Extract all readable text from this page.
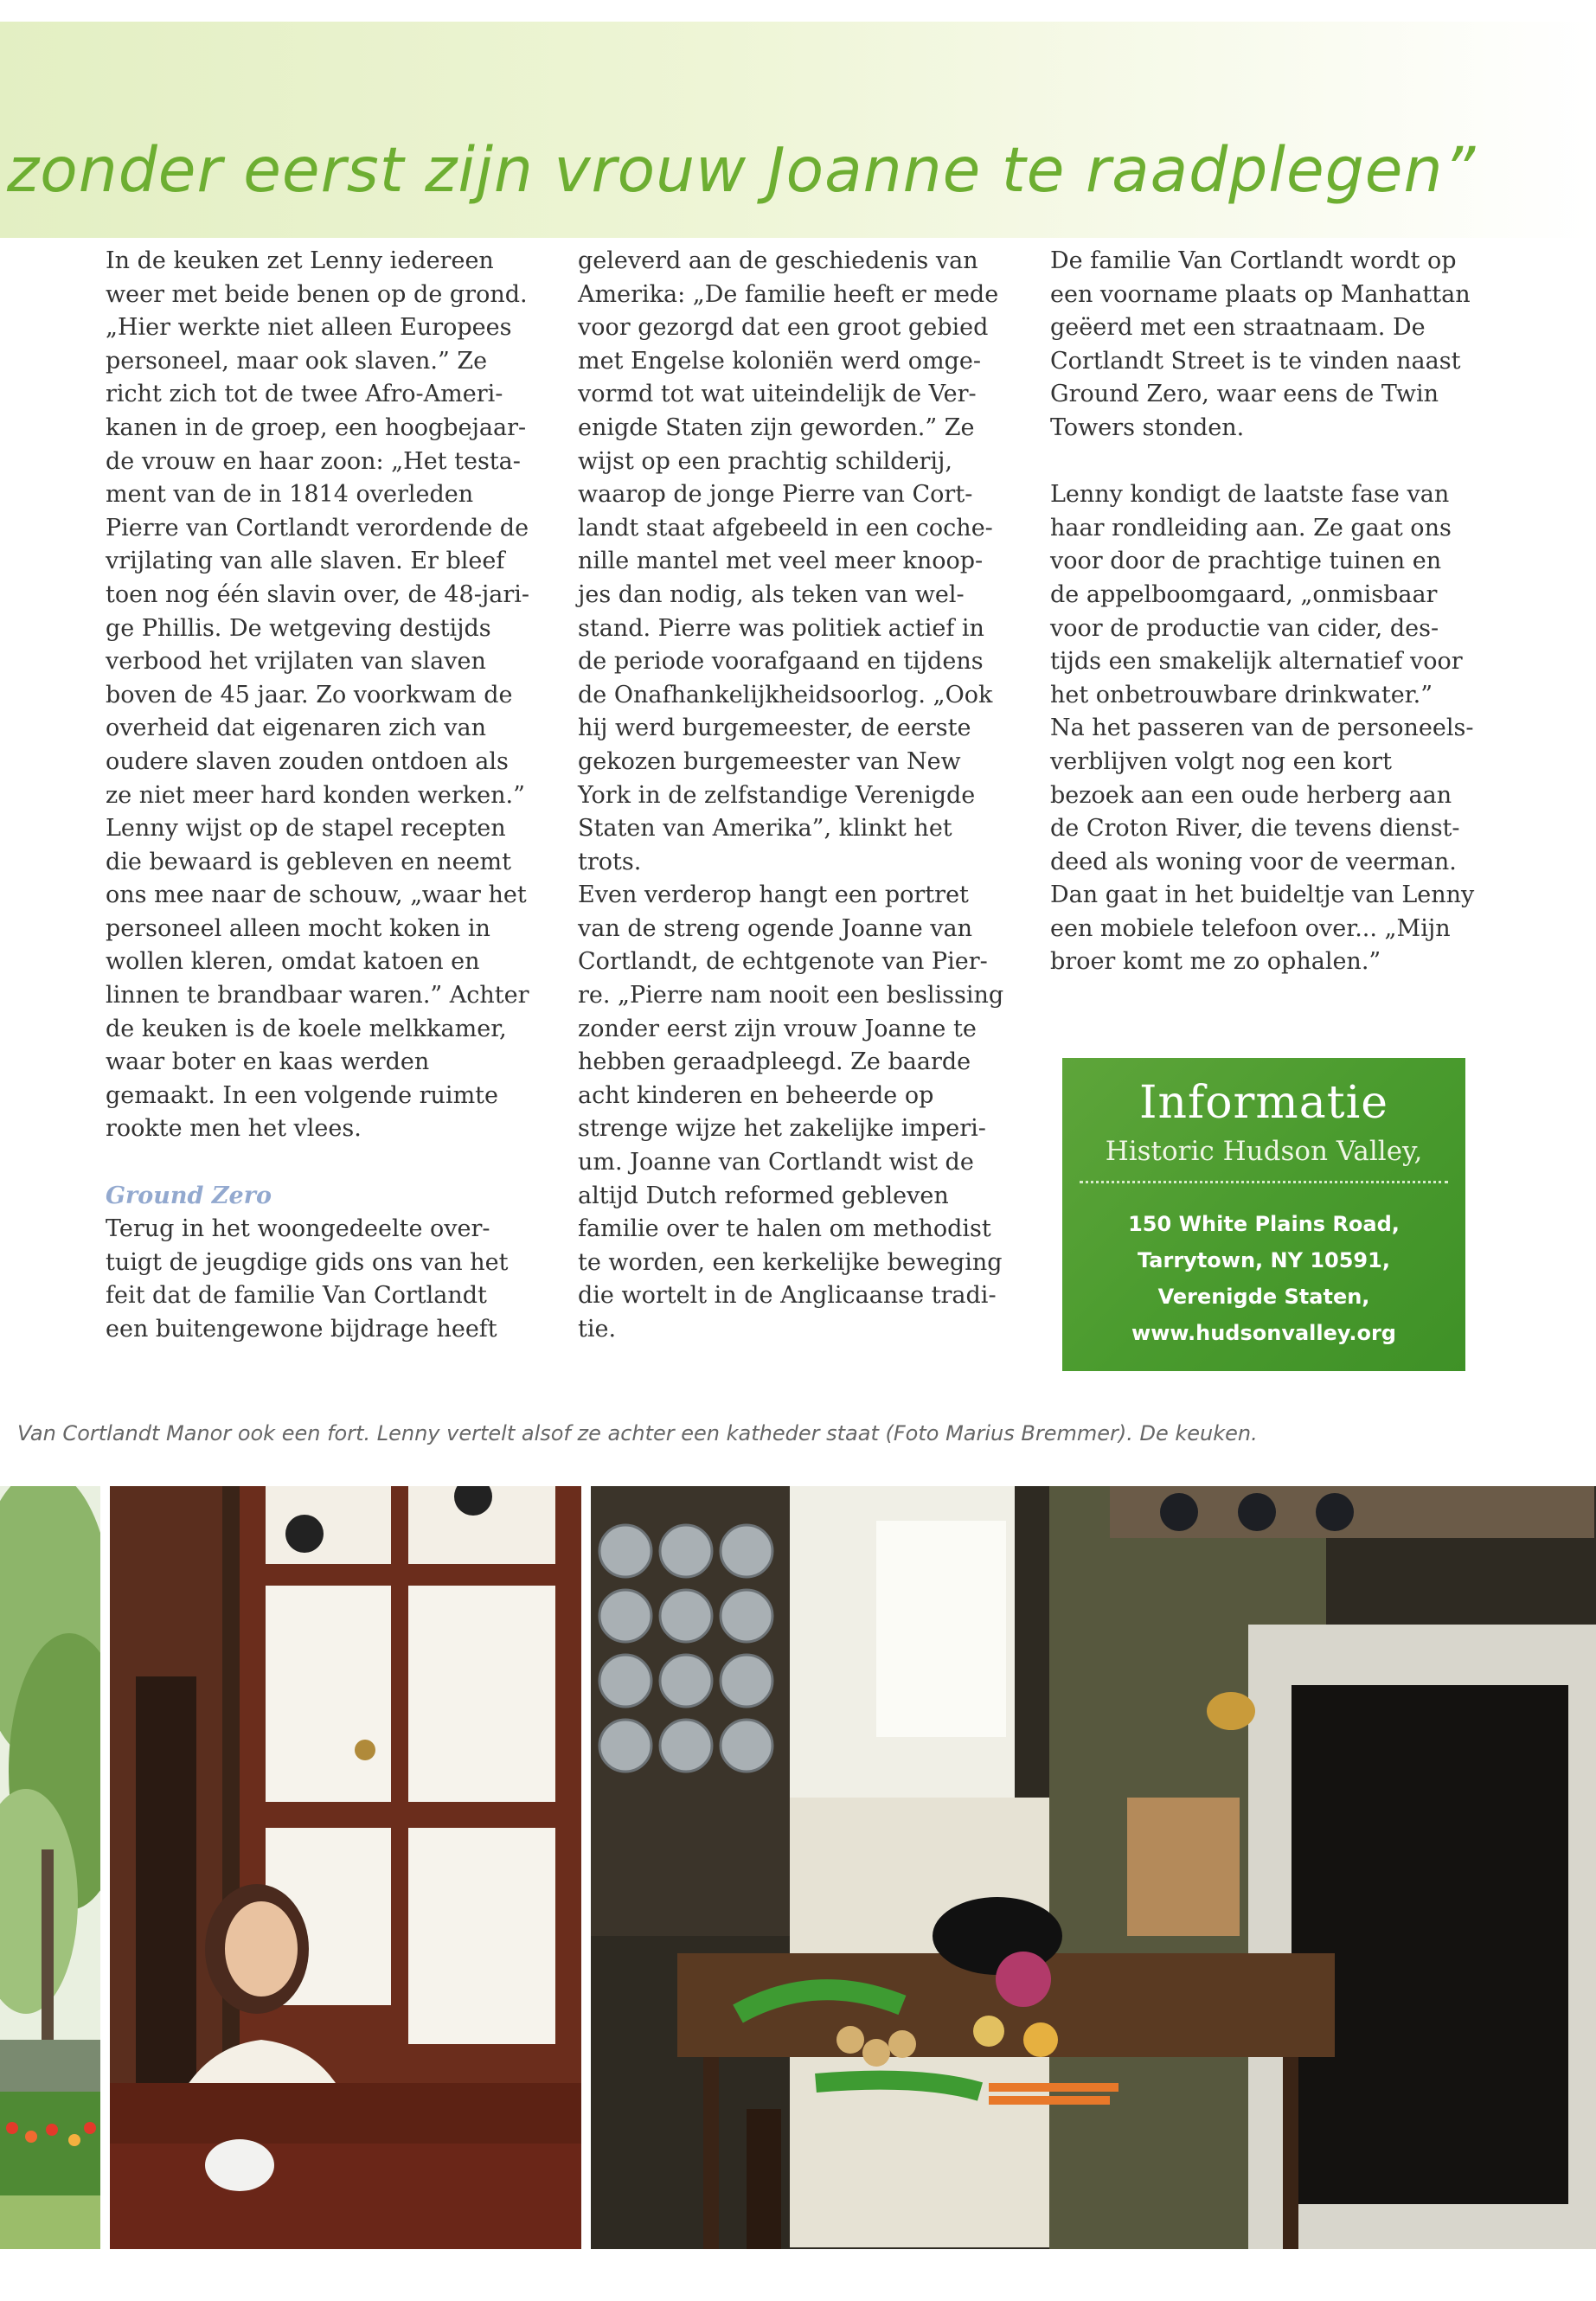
zonder eerst zijn vrouw Joanne te raadplegen”

In de keuken zet Lenny iedereen

weer met beide benen op de grond.

„Hier werkte niet alleen Europees

personeel, maar ook slaven.” Ze

richt zich tot de twee Afro-Ameri-

kanen in de groep, een hoogbejaar-

de vrouw en haar zoon: „Het testa-

ment van de in 1814 overleden

Pierre van Cortlandt verordende de

vrijlating van alle slaven. Er bleef

toen nog één slavin over, de 48-jari-

ge Phillis. De wetgeving destijds

verbood het vrijlaten van slaven

boven de 45 jaar. Zo voorkwam de

overheid dat eigenaren zich van

oudere slaven zouden ontdoen als

ze niet meer hard konden werken.”

Lenny wijst op de stapel recepten

die bewaard is gebleven en neemt

ons mee naar de schouw, „waar het

personeel alleen mocht koken in

wollen kleren, omdat katoen en

linnen te brandbaar waren.” Achter

de keuken is de koele melkkamer,

waar boter en kaas werden

gemaakt. In een volgende ruimte

rookte men het vlees.

Ground Zero

Terug in het woongedeelte over-

tuigt de jeugdige gids ons van het

feit dat de familie Van Cortlandt

een buitengewone bijdrage heeft

geleverd aan de geschiedenis van

Amerika: „De familie heeft er mede

voor gezorgd dat een groot gebied

met Engelse koloniën werd omge-

vormd tot wat uiteindelijk de Ver-

enigde Staten zijn geworden.” Ze

wijst op een prachtig schilderij,

waarop de jonge Pierre van Cort-

landt staat afgebeeld in een coche-

nille mantel met veel meer knoop-

jes dan nodig, als teken van wel-

stand. Pierre was politiek actief in

de periode voorafgaand en tijdens

de Onafhankelijkheidsoorlog. „Ook

hij werd burgemeester, de eerste

gekozen burgemeester van New

York in de zelfstandige Verenigde

Staten van Amerika”, klinkt het

trots.

Even verderop hangt een portret

van de streng ogende Joanne van

Cortlandt, de echtgenote van Pier-

re. „Pierre nam nooit een beslissing

zonder eerst zijn vrouw Joanne te

hebben geraadpleegd. Ze baarde

acht kinderen en beheerde op

strenge wijze het zakelijke imperi-

um. Joanne van Cortlandt wist de

altijd Dutch reformed gebleven

familie over te halen om methodist

te worden, een kerkelijke beweging

die wortelt in de Anglicaanse tradi-

tie.

De familie Van Cortlandt wordt op

een voorname plaats op Manhattan

geëerd met een straatnaam. De

Cortlandt Street is te vinden naast

Ground Zero, waar eens de Twin

Towers stonden.

Lenny kondigt de laatste fase van

haar rondleiding aan. Ze gaat ons

voor door de prachtige tuinen en

de appelboomgaard, „onmisbaar

voor de productie van cider, des-

tijds een smakelijk alternatief voor

het onbetrouwbare drinkwater.”

Na het passeren van de personeels-

verblijven volgt nog een kort

bezoek aan een oude herberg aan

de Croton River, die tevens dienst-

deed als woning voor de veerman.

Dan gaat in het buideltje van Lenny

een mobiele telefoon over... „Mijn

broer komt me zo ophalen.”

Informatie
Historic Hudson Valley,
150 White Plains Road,
Tarrytown, NY 10591,
Verenigde Staten,
www.hudsonvalley.org
Van Cortlandt Manor ook een fort. Lenny vertelt alsof ze achter een katheder staat (Foto Marius Bremmer). De keuken.
